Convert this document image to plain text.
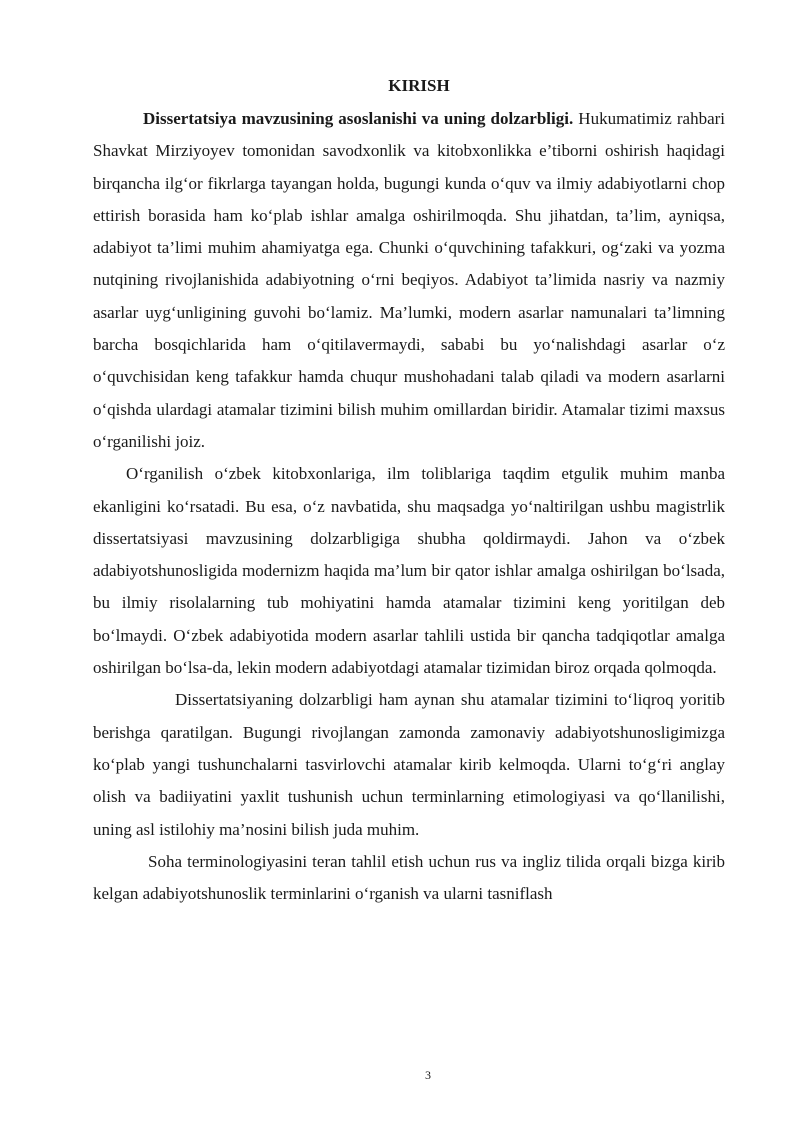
KIRISH

Dissertatsiya mavzusining asoslanishi va uning dolzarbligi. Hukumatimiz rahbari Shavkat Mirziyoyev tomonidan savodxonlik va kitobxonlikka e’tiborni oshirish haqidagi birqancha ilg‘or fikrlarga tayangan holda, bugungi kunda o‘quv va ilmiy adabiyotlarni chop ettirish borasida ham ko‘plab ishlar amalga oshirilmoqda. Shu jihatdan, ta’lim, ayniqsa, adabiyot ta’limi muhim ahamiyatga ega. Chunki o‘quvchining tafakkuri, og‘zaki va yozma nutqining rivojlanishida adabiyotning o‘rni beqiyos. Adabiyot ta’limida nasriy va nazmiy asarlar uyg‘unligining guvohi bo‘lamiz. Ma’lumki, modern asarlar namunalari ta’limning barcha bosqichlarida ham o‘qitilavermaydi, sababi bu yo‘nalishdagi asarlar o‘z o‘quvchisidan keng tafakkur hamda chuqur mushohadani talab qiladi va modern asarlarni o‘qishda ulardagi atamalar tizimini bilish muhim omillardan biridir. Atamalar tizimi maxsus o‘rganilishi joiz.

O‘rganilish o‘zbek kitobxonlariga, ilm toliblariga taqdim etgulik muhim manba ekanligini ko‘rsatadi. Bu esa, o‘z navbatida, shu maqsadga yo‘naltirilgan ushbu magistrlik dissertatsiyasi mavzusining dolzarbligiga shubha qoldirmaydi. Jahon va o‘zbek adabiyotshunosligida modernizm haqida ma’lum bir qator ishlar amalga oshirilgan bo‘lsada, bu ilmiy risolalarning tub mohiyatini hamda atamalar tizimini keng yoritilgan deb bo‘lmaydi. O‘zbek adabiyotida modern asarlar tahlili ustida bir qancha tadqiqotlar amalga oshirilgan bo‘lsa-da, lekin modern adabiyotdagi atamalar tizimidan biroz orqada qolmoqda.

Dissertatsiyaning dolzarbligi ham aynan shu atamalar tizimini to‘liqroq yoritib berishga qaratilgan. Bugungi rivojlangan zamonda zamonaviy adabiyotshunosligimizga ko‘plab yangi tushunchalarni tasvirlovchi atamalar kirib kelmoqda. Ularni to‘g‘ri anglay olish va badiiyatini yaxlit tushunish uchun terminlarning etimologiyasi va qo‘llanilishi, uning asl istilohiy ma’nosini bilish juda muhim.

Soha terminologiyasini teran tahlil etish uchun rus va ingliz tilida orqali bizga kirib kelgan adabiyotshunoslik terminlarini o‘rganish va ularni tasniflash

3
